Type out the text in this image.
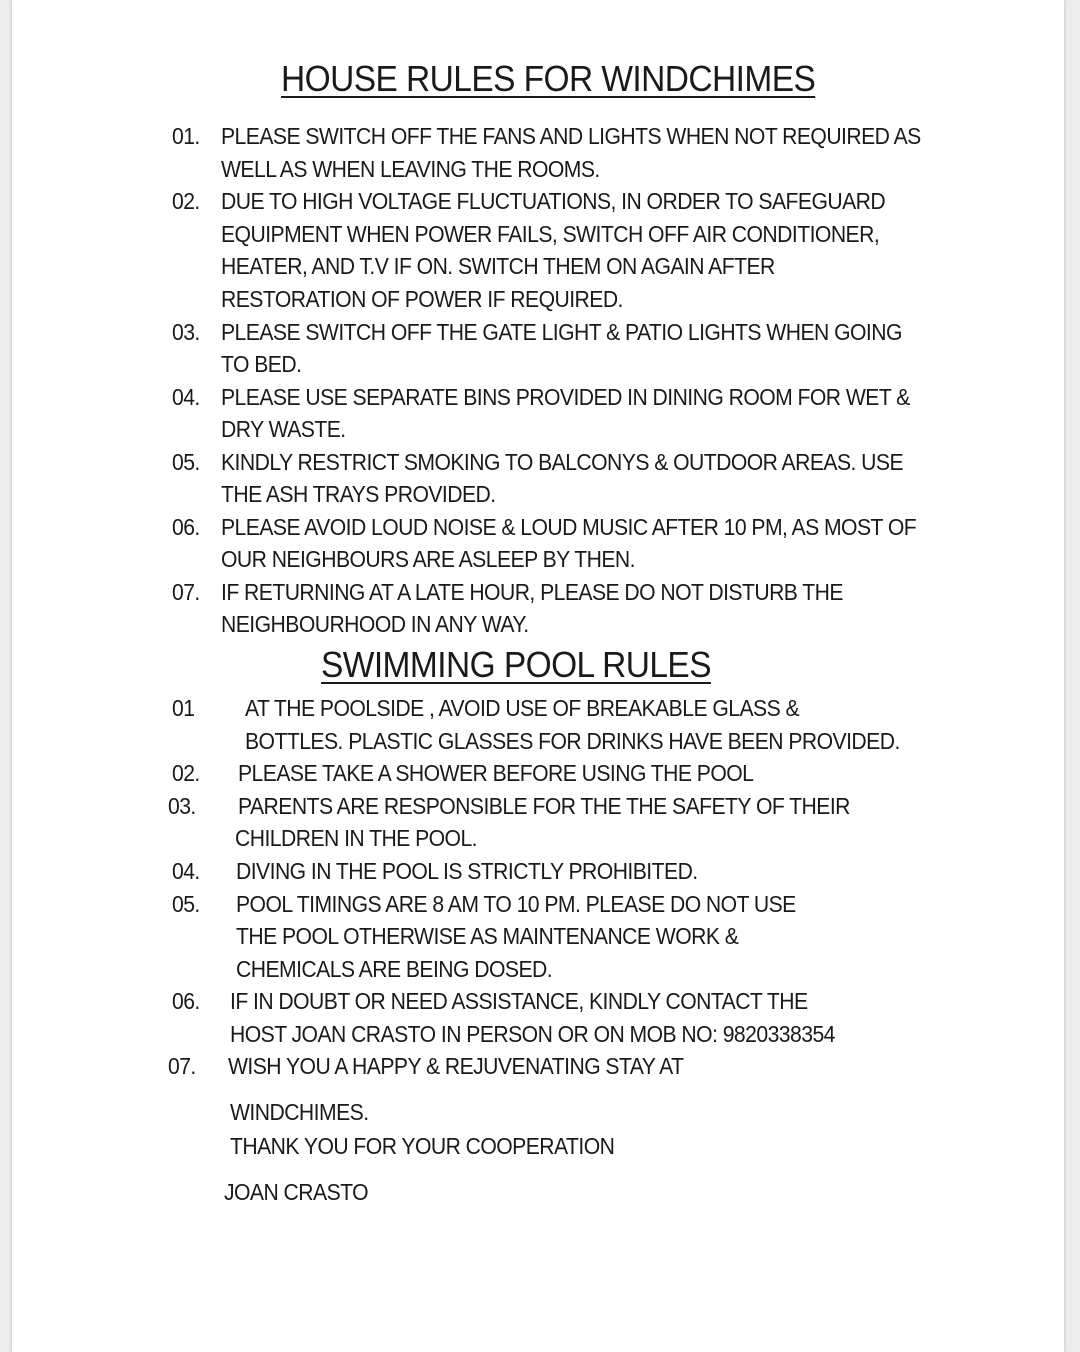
HOUSE RULES FOR WINDCHIMES
01. PLEASE SWITCH OFF THE FANS AND LIGHTS WHEN NOT REQUIRED AS
WELL AS WHEN LEAVING THE ROOMS.
02. DUE TO HIGH VOLTAGE FLUCTUATIONS, IN ORDER TO SAFEGUARD
EQUIPMENT WHEN POWER FAILS, SWITCH OFF AIR CONDITIONER,
HEATER, AND T.V IF ON. SWITCH THEM ON AGAIN AFTER
RESTORATION OF POWER IF REQUIRED.
03. PLEASE SWITCH OFF THE GATE LIGHT & PATIO LIGHTS WHEN GOING
TO BED.
04. PLEASE USE SEPARATE BINS PROVIDED IN DINING ROOM FOR WET &
DRY WASTE.
05. KINDLY RESTRICT SMOKING TO BALCONYS & OUTDOOR AREAS. USE
THE ASH TRAYS PROVIDED.
06. PLEASE AVOID LOUD NOISE & LOUD MUSIC AFTER 10 PM, AS MOST OF
OUR NEIGHBOURS ARE ASLEEP BY THEN.
07. IF RETURNING AT A LATE HOUR, PLEASE DO NOT DISTURB THE
NEIGHBOURHOOD IN ANY WAY.
SWIMMING POOL RULES
01 AT THE POOLSIDE , AVOID USE OF BREAKABLE GLASS &
BOTTLES. PLASTIC GLASSES FOR DRINKS HAVE BEEN PROVIDED.
02. PLEASE TAKE A SHOWER BEFORE USING THE POOL
03. PARENTS ARE RESPONSIBLE FOR THE THE SAFETY OF THEIR
CHILDREN IN THE POOL.
04. DIVING IN THE POOL IS STRICTLY PROHIBITED.
05. POOL TIMINGS ARE 8 AM TO 10 PM. PLEASE DO NOT USE
THE POOL OTHERWISE AS MAINTENANCE WORK &
CHEMICALS ARE BEING DOSED.
06. IF IN DOUBT OR NEED ASSISTANCE, KINDLY CONTACT THE
HOST JOAN CRASTO IN PERSON OR ON MOB NO: 9820338354
07. WISH YOU A HAPPY & REJUVENATING STAY AT
WINDCHIMES.
THANK YOU FOR YOUR COOPERATION
JOAN CRASTO
